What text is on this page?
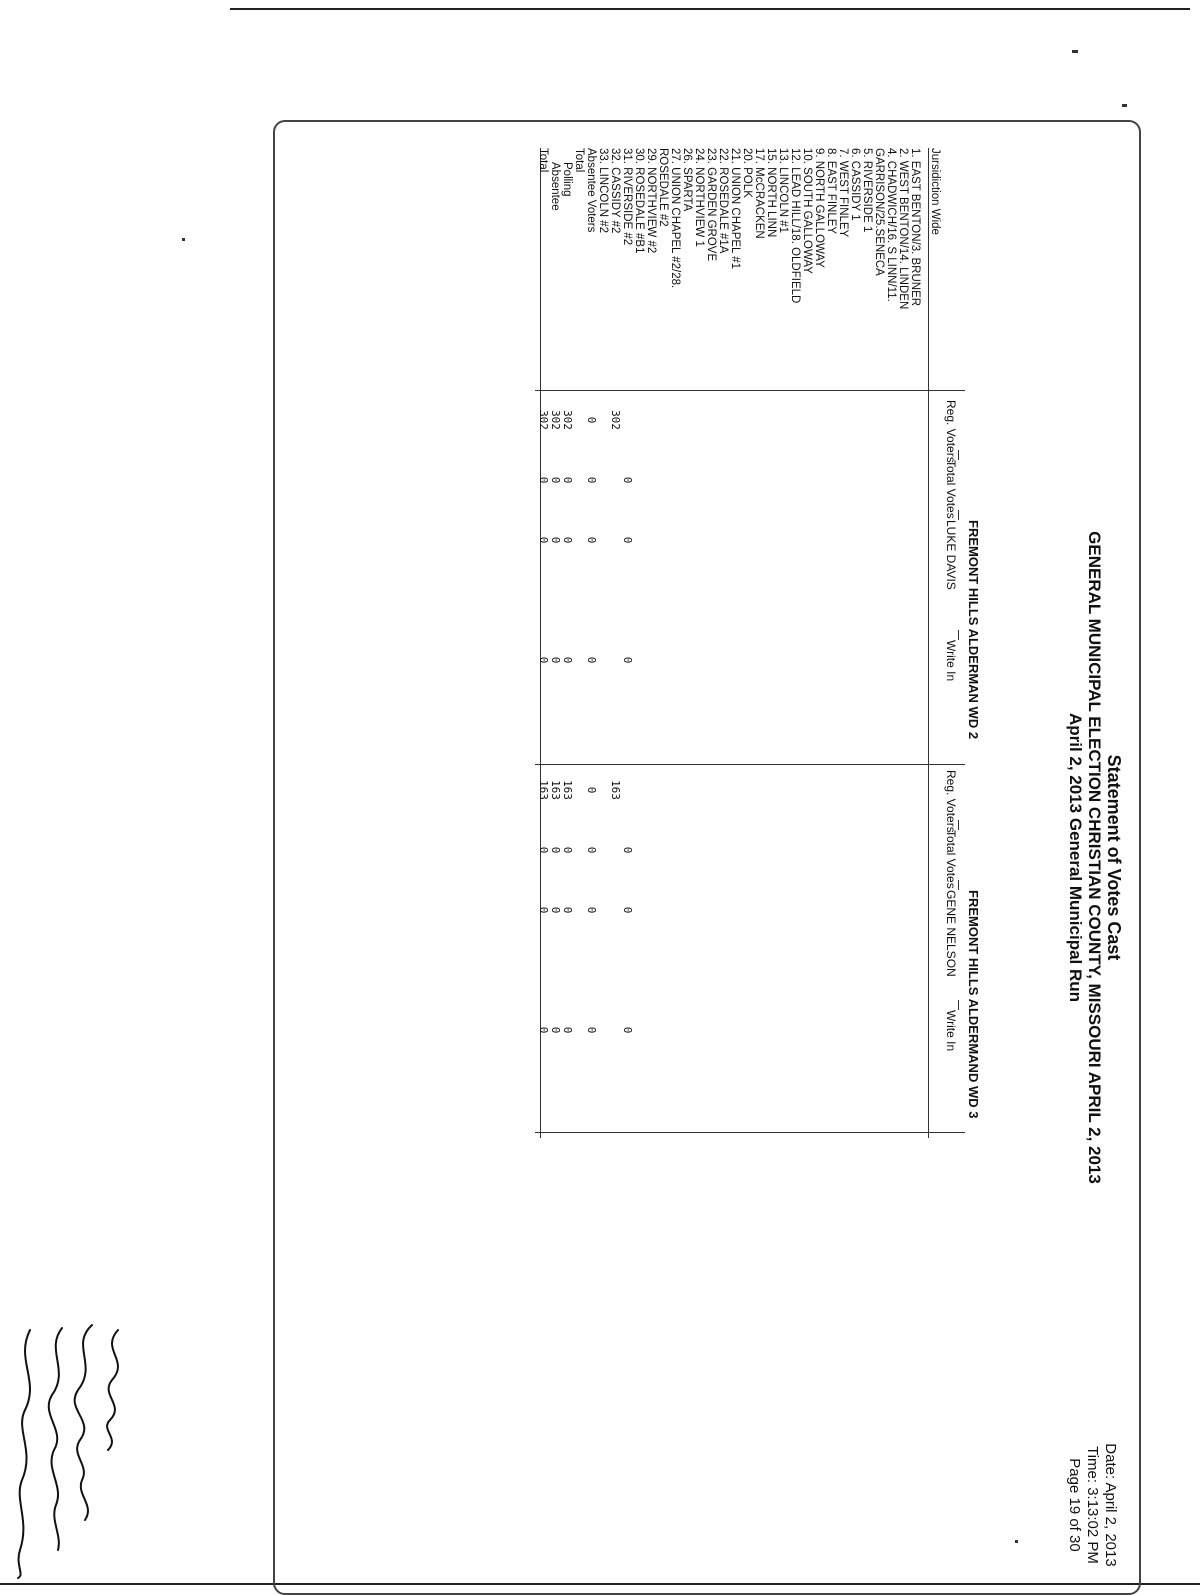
Statement of Votes Cast
GENERAL MUNICIPAL ELECTION CHRISTIAN COUNTY, MISSOURI APRIL 2, 2013
April 2, 2013 General Municipal Run
Date: April 2, 2013
Time: 3:13:02 PM
Page 19 of 30
FREMONT HILLS ALDERMAN WD 2
FREMONT HILLS ALDERMAND WD 3
Reg. Voters
Total Votes
LUKE DAVIS
Write In
Reg. Voters
Total Votes
GENE NELSON
Write In
Jursidiction Wide
1. EAST BENTON/3. BRUNER
2. WEST BENTON/14. LINDEN
4. CHADWICH/16. S LINN/11.
GARRISON/25.SENECA
5. RIVERSIDE 1
6. CASSIDY 1
7. WEST FINLEY
8. EAST FINLEY
9. NORTH GALLOWAY
10. SOUTH GALLOWAY
12. LEAD HILL/18. OLDFIELD
13. LINCOLN #1
15. NORTH LINN
17. McCRACKEN
20. POLK
21. UNION CHAPEL #1
22. ROSEDALE #1A
23. GARDEN GROVE
24. NORTHVIEW 1
26. SPARTA
27. UNION CHAPEL #2/28.
ROSEDALE #2
29. NORTHVIEW #2
30. ROSEDALE #B1
31. RIVERSIDE #2
0
0
0
0
0
0
32. CASSIDY #2
302
163
33. LINCOLN #2
Absentee Voters
0
0
0
0
0
0
0
0
Total
Polling
302
0
0
0
163
0
0
0
Absentee
302
0
0
0
163
0
0
0
Total
302
0
0
0
163
0
0
0
